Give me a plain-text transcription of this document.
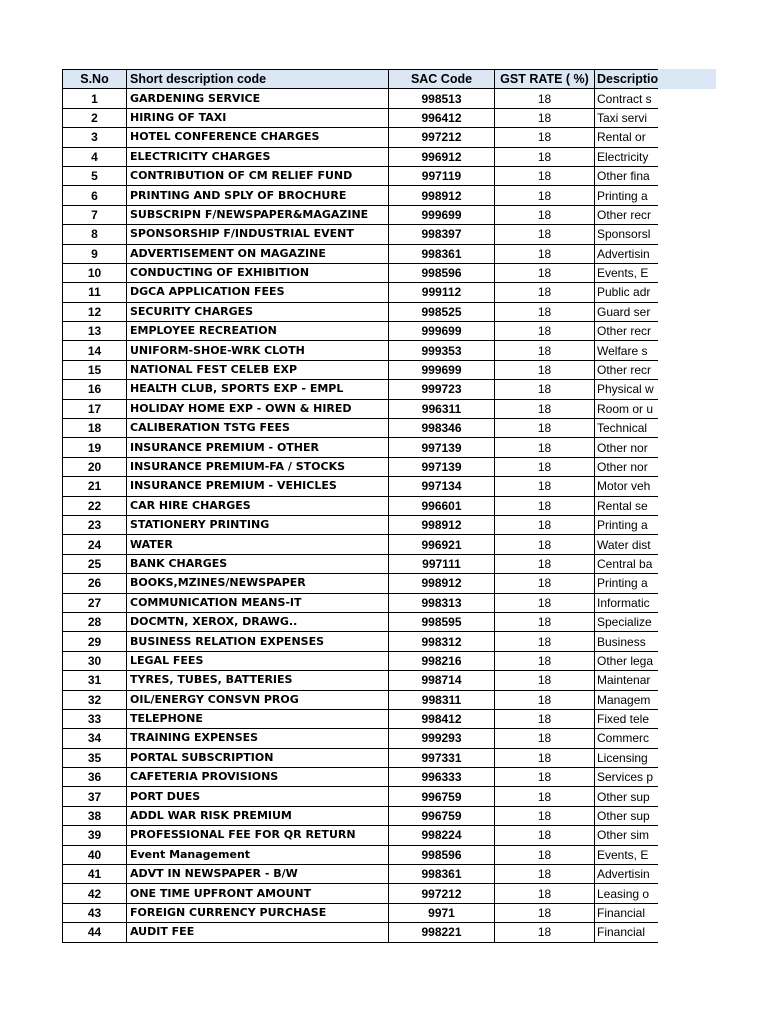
S.No	Short description code	SAC Code	GST RATE ( %)	Descriptio
1	GARDENING SERVICE	998513	18	Contract s
2	HIRING OF TAXI	996412	18	Taxi servi
3	HOTEL CONFERENCE CHARGES	997212	18	Rental or
4	ELECTRICITY CHARGES	996912	18	Electricity
5	CONTRIBUTION OF CM RELIEF FUND	997119	18	Other fina
6	PRINTING AND SPLY OF BROCHURE	998912	18	Printing a
7	SUBSCRIPN F/NEWSPAPER&MAGAZINE	999699	18	Other recr
8	SPONSORSHIP F/INDUSTRIAL EVENT	998397	18	Sponsorsl
9	ADVERTISEMENT ON MAGAZINE	998361	18	Advertisin
10	CONDUCTING OF EXHIBITION	998596	18	Events, E
11	DGCA APPLICATION FEES	999112	18	Public adr
12	SECURITY CHARGES	998525	18	Guard ser
13	EMPLOYEE RECREATION	999699	18	Other recr
14	UNIFORM-SHOE-WRK CLOTH	999353	18	Welfare s
15	NATIONAL FEST CELEB EXP	999699	18	Other recr
16	HEALTH CLUB, SPORTS EXP - EMPL	999723	18	Physical w
17	HOLIDAY HOME EXP - OWN & HIRED	996311	18	Room or u
18	CALIBERATION TSTG FEES	998346	18	Technical
19	INSURANCE PREMIUM - OTHER	997139	18	Other nor
20	INSURANCE PREMIUM-FA / STOCKS	997139	18	Other nor
21	INSURANCE PREMIUM - VEHICLES	997134	18	Motor veh
22	CAR HIRE CHARGES	996601	18	Rental se
23	STATIONERY PRINTING	998912	18	Printing a
24	WATER	996921	18	Water dist
25	BANK CHARGES	997111	18	Central ba
26	BOOKS,MZINES/NEWSPAPER	998912	18	Printing a
27	COMMUNICATION MEANS-IT	998313	18	Informatic
28	DOCMTN, XEROX, DRAWG..	998595	18	Specialize
29	BUSINESS RELATION EXPENSES	998312	18	Business
30	LEGAL FEES	998216	18	Other lega
31	TYRES, TUBES, BATTERIES	998714	18	Maintenar
32	OIL/ENERGY CONSVN PROG	998311	18	Managem
33	TELEPHONE	998412	18	Fixed tele
34	TRAINING EXPENSES	999293	18	Commerc
35	PORTAL SUBSCRIPTION	997331	18	Licensing
36	CAFETERIA PROVISIONS	996333	18	Services p
37	PORT DUES	996759	18	Other sup
38	ADDL WAR RISK PREMIUM	996759	18	Other sup
39	PROFESSIONAL FEE FOR QR RETURN	998224	18	Other sim
40	Event Management	998596	18	Events, E
41	ADVT IN NEWSPAPER - B/W	998361	18	Advertisin
42	ONE TIME UPFRONT AMOUNT	997212	18	Leasing o
43	FOREIGN CURRENCY PURCHASE	9971	18	Financial
44	AUDIT FEE	998221	18	Financial
